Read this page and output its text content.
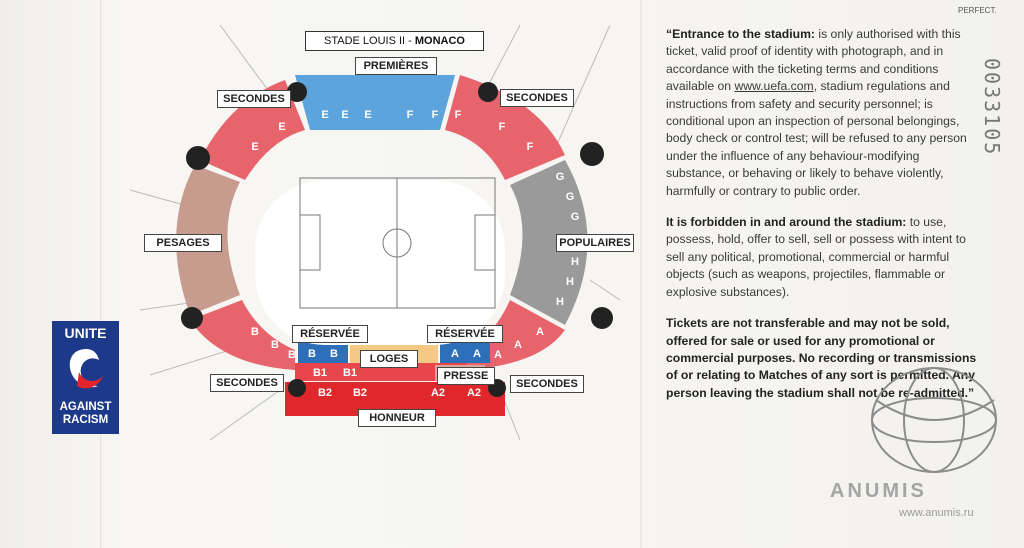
PERFECT.
0033105
E E E	F F F
E
E	F
F
G
G
G
H
H
H
B
B
B	A
A
A
B B	A A
B1 B1
B2 B2	A2 A2
STADE LOUIS II - MONACO
PREMIÈRES
SECONDES	SECONDES
PESAGES	POPULAIRES
RÉSERVÉE	RÉSERVÉE
LOGES
PRESSE
SECONDES	SECONDES
HONNEUR
UNITE
AGAINST
RACISM

“Entrance to the stadium: is only authorised with this ticket, valid proof of identity with photograph, and in accordance with the ticketing terms and conditions available on www.uefa.com, stadium regulations and instructions from safety and security personnel; is conditional upon an inspection of personal belongings, body check or control test; will be refused to any person under the influence of any behaviour-modifying substance, or behaving or likely to behave violently, harmfully or contrary to public order.

It is forbidden in and around the stadium: to use, possess, hold, offer to sell, sell or possess with intent to sell any political, promotional, commercial or harmful objects (such as weapons, projectiles, flammable or explosive substances).

Tickets are not transferable and may not be sold, offered for sale or used for any promotional or commercial purposes. No recording or transmissions of or relating to Matches of any sort is permitted. Any person leaving the stadium shall not be re-admitted.”

ANUMIS
www.anumis.ru
